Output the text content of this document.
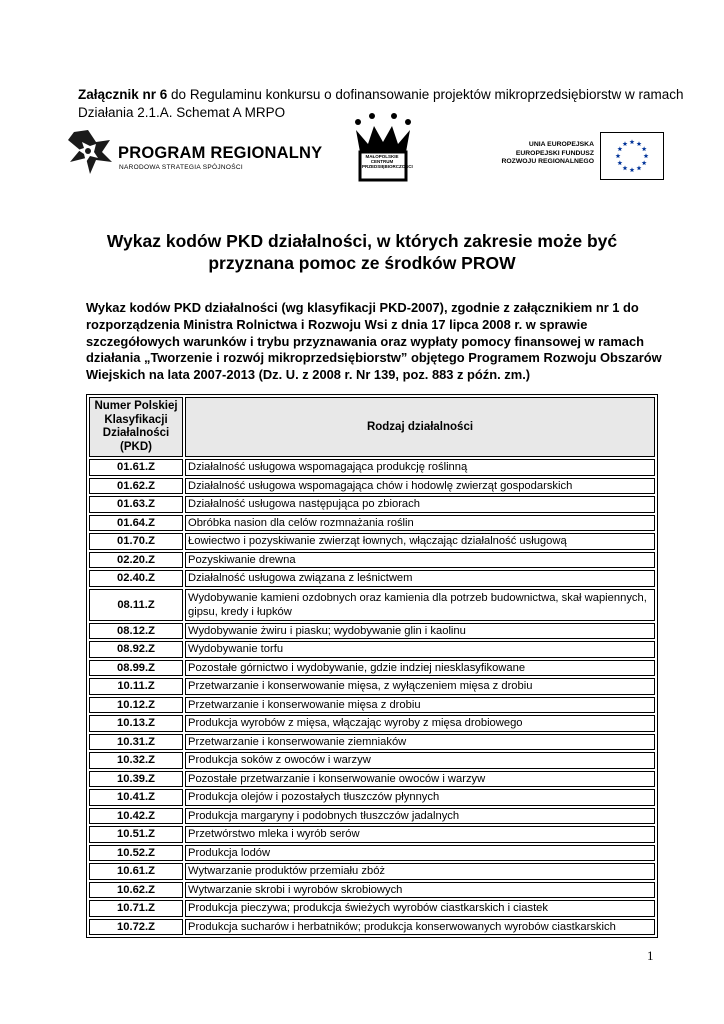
Załącznik nr 6 do Regulaminu konkursu o dofinansowanie projektów mikroprzedsiębiorstw w ramach Działania 2.1.A. Schemat A MRPO
PROGRAM REGIONALNY
NARODOWA STRATEGIA SPÓJNOŚCI
MAŁOPOLSKIE
CENTRUM
PRZEDSIĘBIORCZOŚCI
UNIA EUROPEJSKA
EUROPEJSKI FUNDUSZ
ROZWOJU REGIONALNEGO
Wykaz kodów PKD działalności, w których zakresie może być
przyznana pomoc ze środków PROW
Wykaz kodów PKD działalności (wg klasyfikacji PKD-2007), zgodnie z załącznikiem nr 1 do rozporządzenia Ministra Rolnictwa i Rozwoju Wsi z dnia 17 lipca 2008 r. w sprawie szczegółowych warunków i trybu przyznawania oraz wypłaty pomocy finansowej w ramach działania „Tworzenie i rozwój mikroprzedsiębiorstw” objętego Programem Rozwoju Obszarów Wiejskich na lata 2007-2013 (Dz. U. z 2008 r. Nr 139, poz. 883 z późn. zm.)
Numer Polskiej
Klasyfikacji
Działalności
(PKD)	Rodzaj działalności
01.61.Z	Działalność usługowa wspomagająca produkcję roślinną
01.62.Z	Działalność usługowa wspomagająca chów i hodowlę zwierząt gospodarskich
01.63.Z	Działalność usługowa następująca po zbiorach
01.64.Z	Obróbka nasion dla celów rozmnażania roślin
01.70.Z	Łowiectwo i pozyskiwanie zwierząt łownych, włączając działalność usługową
02.20.Z	Pozyskiwanie drewna
02.40.Z	Działalność usługowa związana z leśnictwem
08.11.Z	Wydobywanie kamieni ozdobnych oraz kamienia dla potrzeb budownictwa, skał wapiennych, gipsu, kredy i łupków
08.12.Z	Wydobywanie żwiru i piasku; wydobywanie glin i kaolinu
08.92.Z	Wydobywanie torfu
08.99.Z	Pozostałe górnictwo i wydobywanie, gdzie indziej niesklasyfikowane
10.11.Z	Przetwarzanie i konserwowanie mięsa, z wyłączeniem mięsa z drobiu
10.12.Z	Przetwarzanie i konserwowanie mięsa z drobiu
10.13.Z	Produkcja wyrobów z mięsa, włączając wyroby z mięsa drobiowego
10.31.Z	Przetwarzanie i konserwowanie ziemniaków
10.32.Z	Produkcja soków z owoców i warzyw
10.39.Z	Pozostałe przetwarzanie i konserwowanie owoców i warzyw
10.41.Z	Produkcja olejów i pozostałych tłuszczów płynnych
10.42.Z	Produkcja margaryny i podobnych tłuszczów jadalnych
10.51.Z	Przetwórstwo mleka i wyrób serów
10.52.Z	Produkcja lodów
10.61.Z	Wytwarzanie produktów przemiału zbóż
10.62.Z	Wytwarzanie skrobi i wyrobów skrobiowych
10.71.Z	Produkcja pieczywa; produkcja świeżych wyrobów ciastkarskich i ciastek
10.72.Z	Produkcja sucharów i herbatników; produkcja konserwowanych wyrobów ciastkarskich
1
